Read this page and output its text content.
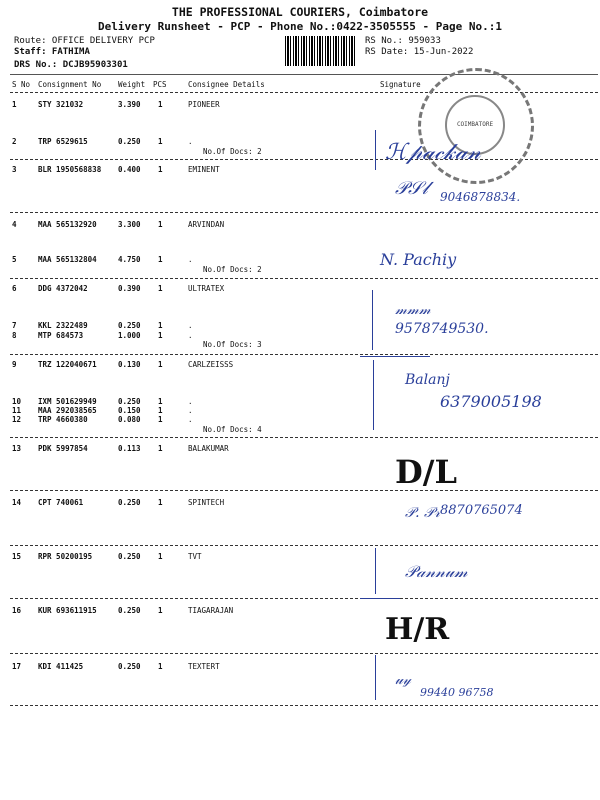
THE PROFESSIONAL COURIERS, Coimbatore
Delivery Runsheet - PCP - Phone No.:0422-3505555 - Page No.:1
Route: OFFICE DELIVERY PCP
Staff: FATHIMA
DRS No.: DCJB95903301
RS No.: 959033
RS Date: 15-Jun-2022
S No Consignment No Weight PCS	Consignee Details	Signature
1	STY 321032	3.390 1	PIONEER
2	TRP 6529615	0.250 1	.
No.Of Docs: 2
3	BLR 1950568838 0.400 1	EMINENT
4	MAA 565132920	3.300 1	ARVINDAN
5	MAA 565132804	4.750 1	.
No.Of Docs: 2
6	DDG 4372042	0.390 1	ULTRATEX
7	KKL 2322489	0.250 1	.
8	MTP 684573	1.000 1	.
No.Of Docs: 3
9	TRZ 122040671	0.130 1	CARLZEISSS
10 IXM 501629949	0.250 1	.
11 MAA 292038565	0.150 1	.
12 TRP 4660380	0.080 1	.
No.Of Docs: 4
13 PDK 5997854	0.113 1	BALAKUMAR
14 CPT 740061	0.250 1	SPINTECH
15 RPR 50200195	0.250 1	TVT
16 KUR 693611915	0.250 1	TIAGARAJAN
17 KDI 411425	0.250 1	TEXTERT
COIMBATORE
ℋ𝓅𝒶𝒸𝓀𝒶𝓃
𝒫𝒮𝓁 9046878834.
N. Pachiy
𝓂𝓂𝓂
9578749530.
Balanj
6379005198
D/L
𝒫. 𝒫𝓇 8870765074
𝒫𝒶𝓃𝓃𝓊𝓂
H/R
𝓊𝓎
99440 96758
